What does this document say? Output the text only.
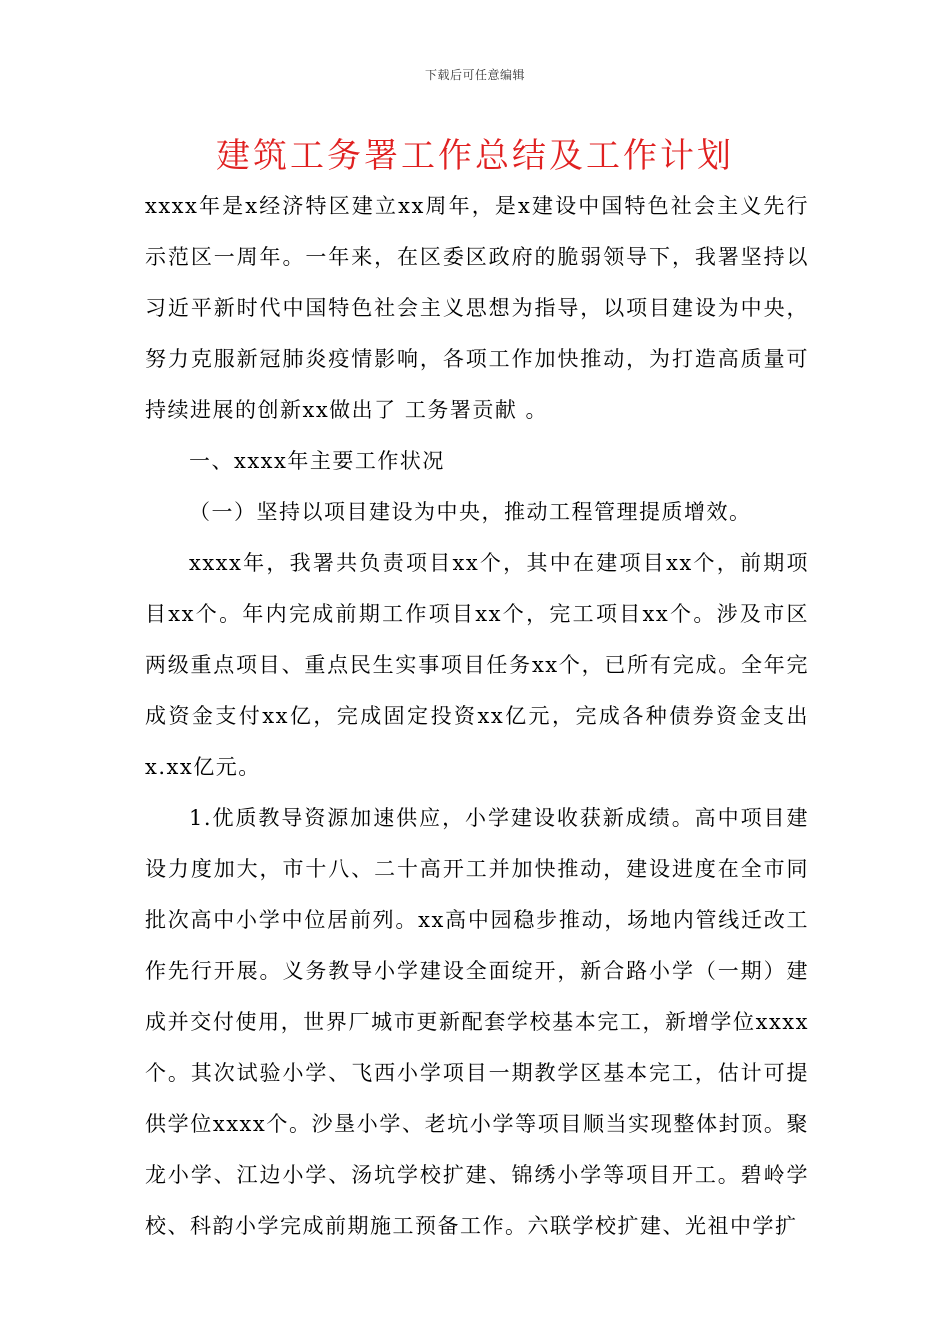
下载后可任意编辑
建筑工务署工作总结及工作计划

xxxx年是x经济特区建立xx周年，是x建设中国特色社会主义先行示范区一周年。一年来，在区委区政府的脆弱领导下，我署坚持以习近平新时代中国特色社会主义思想为指导，以项目建设为中央，努力克服新冠肺炎疫情影响，各项工作加快推动，为打造高质量可持续进展的创新xx做出了 工务署贡献 。

一、xxxx年主要工作状况

（一）坚持以项目建设为中央，推动工程管理提质增效。

xxxx年，我署共负责项目xx个，其中在建项目xx个，前期项目xx个。年内完成前期工作项目xx个，完工项目xx个。涉及市区两级重点项目、重点民生实事项目任务xx个，已所有完成。全年完成资金支付xx亿，完成固定投资xx亿元，完成各种债券资金支出x.xx亿元。

1.优质教导资源加速供应，小学建设收获新成绩。高中项目建设力度加大，市十八、二十高开工并加快推动，建设进度在全市同批次高中小学中位居前列。xx高中园稳步推动，场地内管线迁改工作先行开展。义务教导小学建设全面绽开，新合路小学（一期）建成并交付使用，世界厂城市更新配套学校基本完工，新增学位xxxx个。其次试验小学、飞西小学项目一期教学区基本完工，估计可提供学位xxxx个。沙垦小学、老坑小学等项目顺当实现整体封顶。聚龙小学、江边小学、汤坑学校扩建、锦绣小学等项目开工。碧岭学校、科韵小学完成前期施工预备工作。六联学校扩建、光祖中学扩
